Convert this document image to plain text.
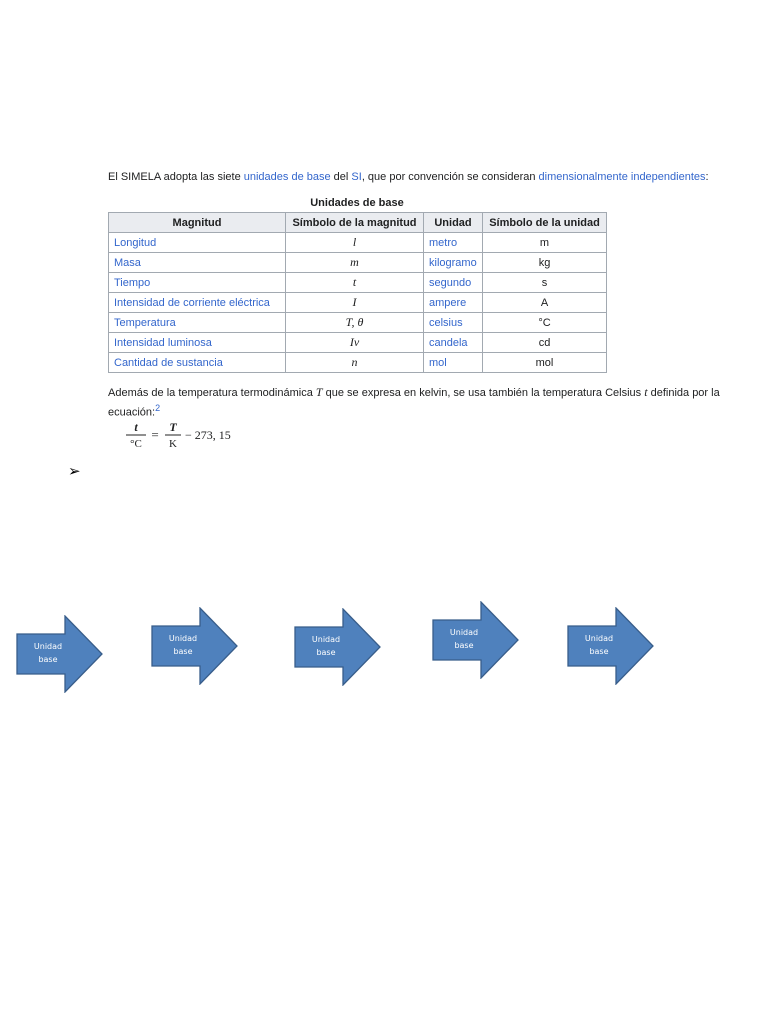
El SIMELA adopta las siete unidades de base del SI, que por convención se consideran dimensionalmente independientes:
Unidades de base
Magnitud	Símbolo de la magnitud	Unidad	Símbolo de la unidad
Longitud	l	metro	m
Masa	m	kilogramo	kg
Tiempo	t	segundo	s
Intensidad de corriente eléctrica	I	ampere	A
Temperatura	T, θ	celsius	°C
Intensidad luminosa	Iv	candela	cd
Cantidad de sustancia	n	mol	mol
Además de la temperatura termodinámica T que se expresa en kelvin, se usa también la temperatura Celsius t definida por la ecuación:$^2$
t
°C
= T
K
− 273, 15
➢
Unidad
base
Unidad
base
Unidad
base
Unidad
base
Unidad
base
